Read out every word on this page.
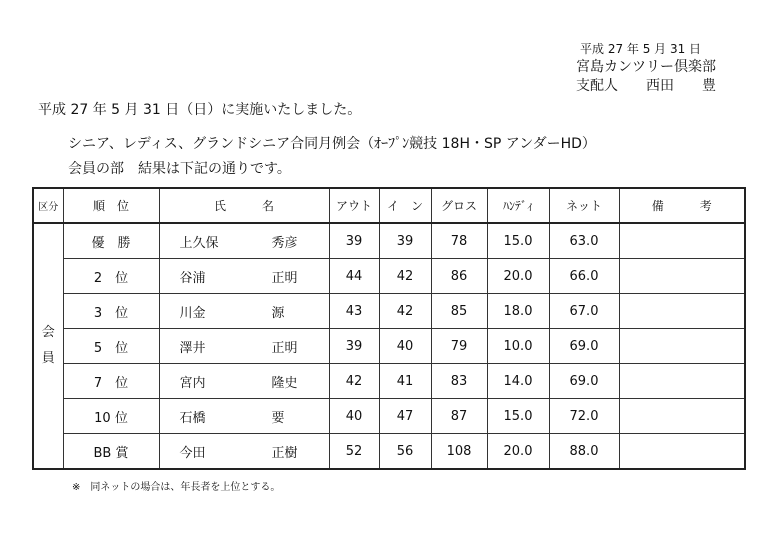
平成 27 年 5 月 31 日
宮島カンツリー倶楽部
支配人　　西田　　豊
平成 27 年 5 月 31 日（日）に実施いたしました。
シニア、レディス、グランドシニア合同月例会（ｵｰﾌﾟﾝ競技 18H・SP アンダーHD）
会員の部　結果は下記の通りです。
区分	順　位	氏　　　名	アウト	イ　ン	グロス	ﾊﾝﾃﾞｨ	ネット	備　　　考
会
員	優　勝	上久保 秀彦	39	39	78	15.0	63.0	
	2　位	谷浦 正明	44	42	86	20.0	66.0	
	3　位	川金 源	43	42	85	18.0	67.0	
	5　位	澤井 正明	39	40	79	10.0	69.0	
	7　位	宮内 隆史	42	41	83	14.0	69.0	
	10 位	石橋 要	40	47	87	15.0	72.0	
	BB 賞	今田 正樹	52	56	108	20.0	88.0	
※　同ネットの場合は、年長者を上位とする。
